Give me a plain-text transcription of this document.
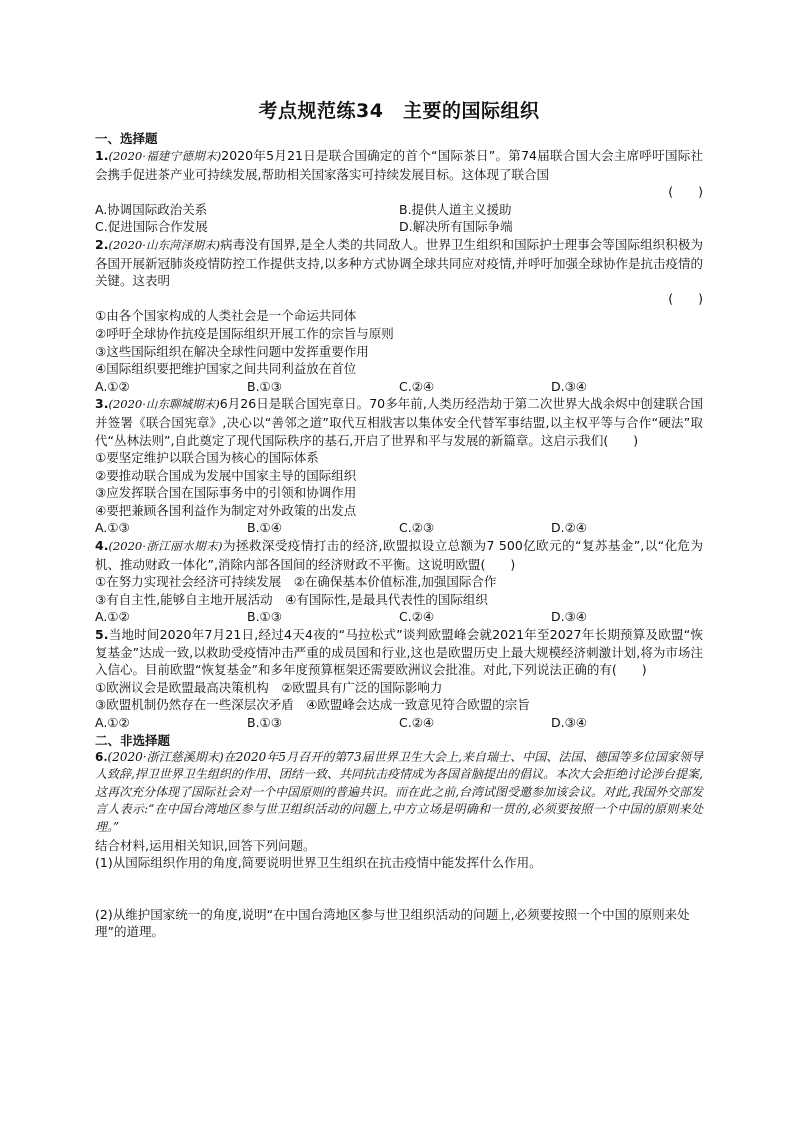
考点规范练34　主要的国际组织

一、选择题

1.(2020·福建宁德期末)2020年5月21日是联合国确定的首个“国际茶日”。第74届联合国大会主席呼吁国际社会携手促进茶产业可持续发展,帮助相关国家落实可持续发展目标。这体现了联合国

(　　)

A.协调国际政治关系	B.提供人道主义援助
C.促进国际合作发展	D.解决所有国际争端

2.(2020·山东菏泽期末)病毒没有国界,是全人类的共同敌人。世界卫生组织和国际护士理事会等国际组织积极为各国开展新冠肺炎疫情防控工作提供支持,以多种方式协调全球共同应对疫情,并呼吁加强全球协作是抗击疫情的关键。这表明

(　　)

①由各个国家构成的人类社会是一个命运共同体

②呼吁全球协作抗疫是国际组织开展工作的宗旨与原则

③这些国际组织在解决全球性问题中发挥重要作用

④国际组织要把维护国家之间共同利益放在首位

A.①②	B.①③	C.②④	D.③④

3.(2020·山东聊城期末)6月26日是联合国宪章日。70多年前,人类历经浩劫于第二次世界大战余烬中创建联合国并签署《联合国宪章》,决心以“善邻之道”取代互相戕害以集体安全代替军事结盟,以主权平等与合作“硬法”取代“丛林法则”,自此奠定了现代国际秩序的基石,开启了世界和平与发展的新篇章。这启示我们(　　)

①要坚定维护以联合国为核心的国际体系

②要推动联合国成为发展中国家主导的国际组织

③应发挥联合国在国际事务中的引领和协调作用

④要把兼顾各国利益作为制定对外政策的出发点

A.①③	B.①④	C.②③	D.②④

4.(2020·浙江丽水期末)为拯救深受疫情打击的经济,欧盟拟设立总额为7 500亿欧元的“复苏基金”,以“化危为机、推动财政一体化”,消除内部各国间的经济财政不平衡。这说明欧盟(　　)

①在努力实现社会经济可持续发展　②在确保基本价值标准,加强国际合作

③有自主性,能够自主地开展活动　④有国际性,是最具代表性的国际组织

A.①②	B.①③	C.②④	D.③④

5.当地时间2020年7月21日,经过4天4夜的“马拉松式”谈判欧盟峰会就2021年至2027年长期预算及欧盟“恢复基金”达成一致,以救助受疫情冲击严重的成员国和行业,这也是欧盟历史上最大规模经济刺激计划,将为市场注入信心。目前欧盟“恢复基金”和多年度预算框架还需要欧洲议会批准。对此,下列说法正确的有(　　)

①欧洲议会是欧盟最高决策机构　②欧盟具有广泛的国际影响力

③欧盟机制仍然存在一些深层次矛盾　④欧盟峰会达成一致意见符合欧盟的宗旨

A.①②	B.①③	C.②④	D.③④

二、非选择题

6.(2020·浙江慈溪期末)在2020年5月召开的第73届世界卫生大会上,来自瑞士、中国、法国、德国等多位国家领导人致辞,捍卫世界卫生组织的作用、团结一致、共同抗击疫情成为各国首脑提出的倡议。本次大会拒绝讨论涉台提案,这再次充分体现了国际社会对一个中国原则的普遍共识。而在此之前,台湾试图受邀参加该会议。对此,我国外交部发言人表示:“在中国台湾地区参与世卫组织活动的问题上,中方立场是明确和一贯的,必须要按照一个中国的原则来处理。”

结合材料,运用相关知识,回答下列问题。

(1)从国际组织作用的角度,简要说明世界卫生组织在抗击疫情中能发挥什么作用。

(2)从维护国家统一的角度,说明“在中国台湾地区参与世卫组织活动的问题上,必须要按照一个中国的原则来处理”的道理。
